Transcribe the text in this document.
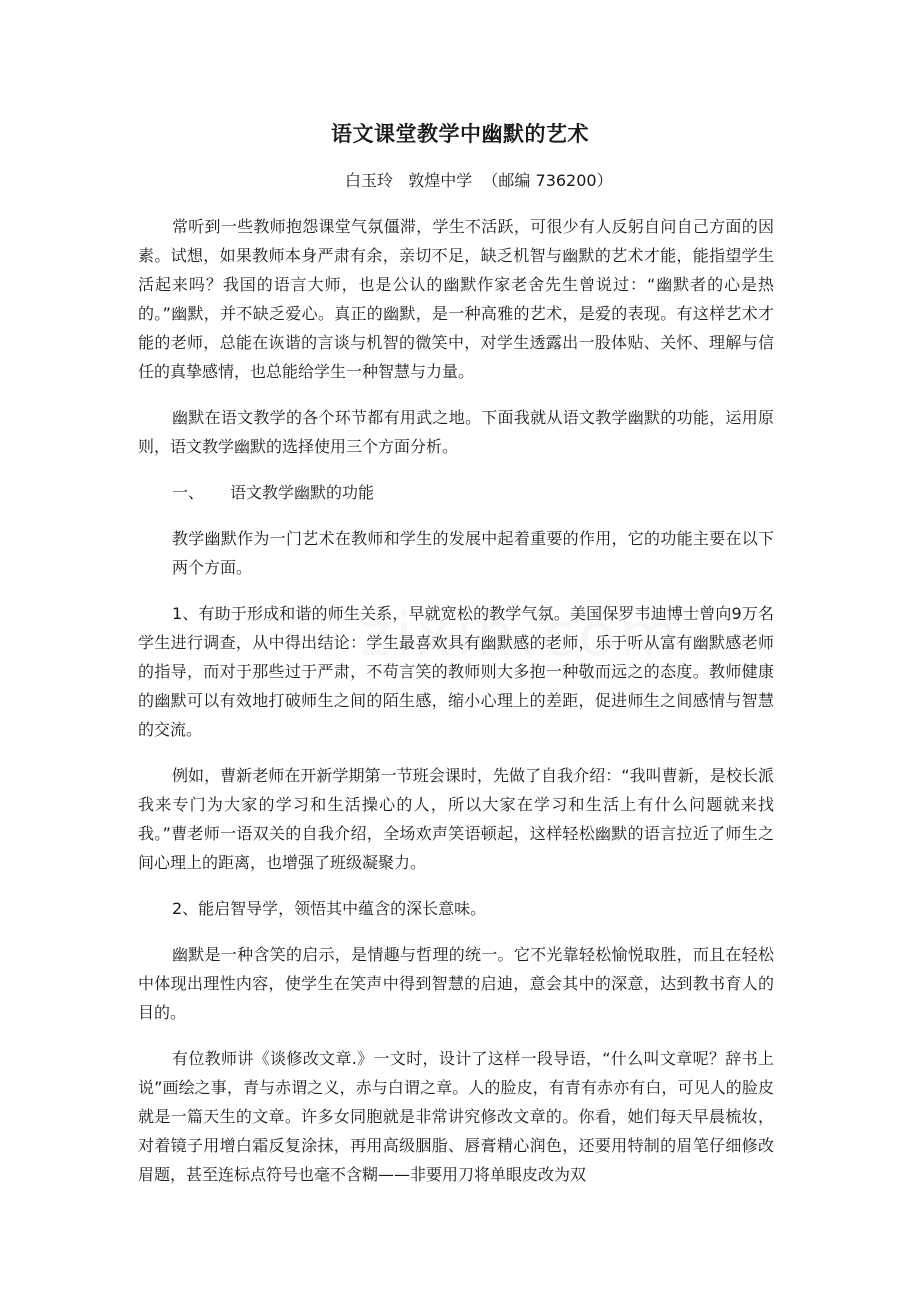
语文课堂教学中幽默的艺术
白玉玲   敦煌中学  （邮编 736200）

常听到一些教师抱怨课堂气氛僵滞，学生不活跃，可很少有人反躬自问自己方面的因素。试想，如果教师本身严肃有余，亲切不足，缺乏机智与幽默的艺术才能，能指望学生活起来吗？我国的语言大师，也是公认的幽默作家老舍先生曾说过：“幽默者的心是热的。”幽默，并不缺乏爱心。真正的幽默，是一种高雅的艺术，是爱的表现。有这样艺术才能的老师，总能在诙谐的言谈与机智的微笑中，对学生透露出一股体贴、关怀、理解与信任的真挚感情，也总能给学生一种智慧与力量。

幽默在语文教学的各个环节都有用武之地。下面我就从语文教学幽默的功能，运用原则，语文教学幽默的选择使用三个方面分析。

一、 语文教学幽默的功能

教学幽默作为一门艺术在教师和学生的发展中起着重要的作用，它的功能主要在以下两个方面。

1、有助于形成和谐的师生关系，早就宽松的教学气氛。美国保罗韦迪博士曾向9万名学生进行调查，从中得出结论：学生最喜欢具有幽默感的老师，乐于听从富有幽默感老师的指导，而对于那些过于严肃，不苟言笑的教师则大多抱一种敬而远之的态度。教师健康的幽默可以有效地打破师生之间的陌生感，缩小心理上的差距，促进师生之间感情与智慧的交流。

例如，曹新老师在开新学期第一节班会课时，先做了自我介绍：“我叫曹新，是校长派我来专门为大家的学习和生活操心的人，所以大家在学习和生活上有什么问题就来找我。”曹老师一语双关的自我介绍，全场欢声笑语顿起，这样轻松幽默的语言拉近了师生之间心理上的距离，也增强了班级凝聚力。

2、能启智导学，领悟其中蕴含的深长意味。

幽默是一种含笑的启示，是情趣与哲理的统一。它不光靠轻松愉悦取胜，而且在轻松中体现出理性内容，使学生在笑声中得到智慧的启迪，意会其中的深意，达到教书育人的目的。

有位教师讲《谈修改文章.》一文时，设计了这样一段导语，“什么叫文章呢？辞书上说”画绘之事，青与赤谓之义，赤与白谓之章。人的脸皮，有青有赤亦有白，可见人的脸皮就是一篇天生的文章。许多女同胞就是非常讲究修改文章的。你看，她们每天早晨梳妆，对着镜子用增白霜反复涂抹，再用高级胭脂、唇膏精心润色，还要用特制的眉笔仔细修改眉题，甚至连标点符号也毫不含糊——非要用刀将单眼皮改为双
